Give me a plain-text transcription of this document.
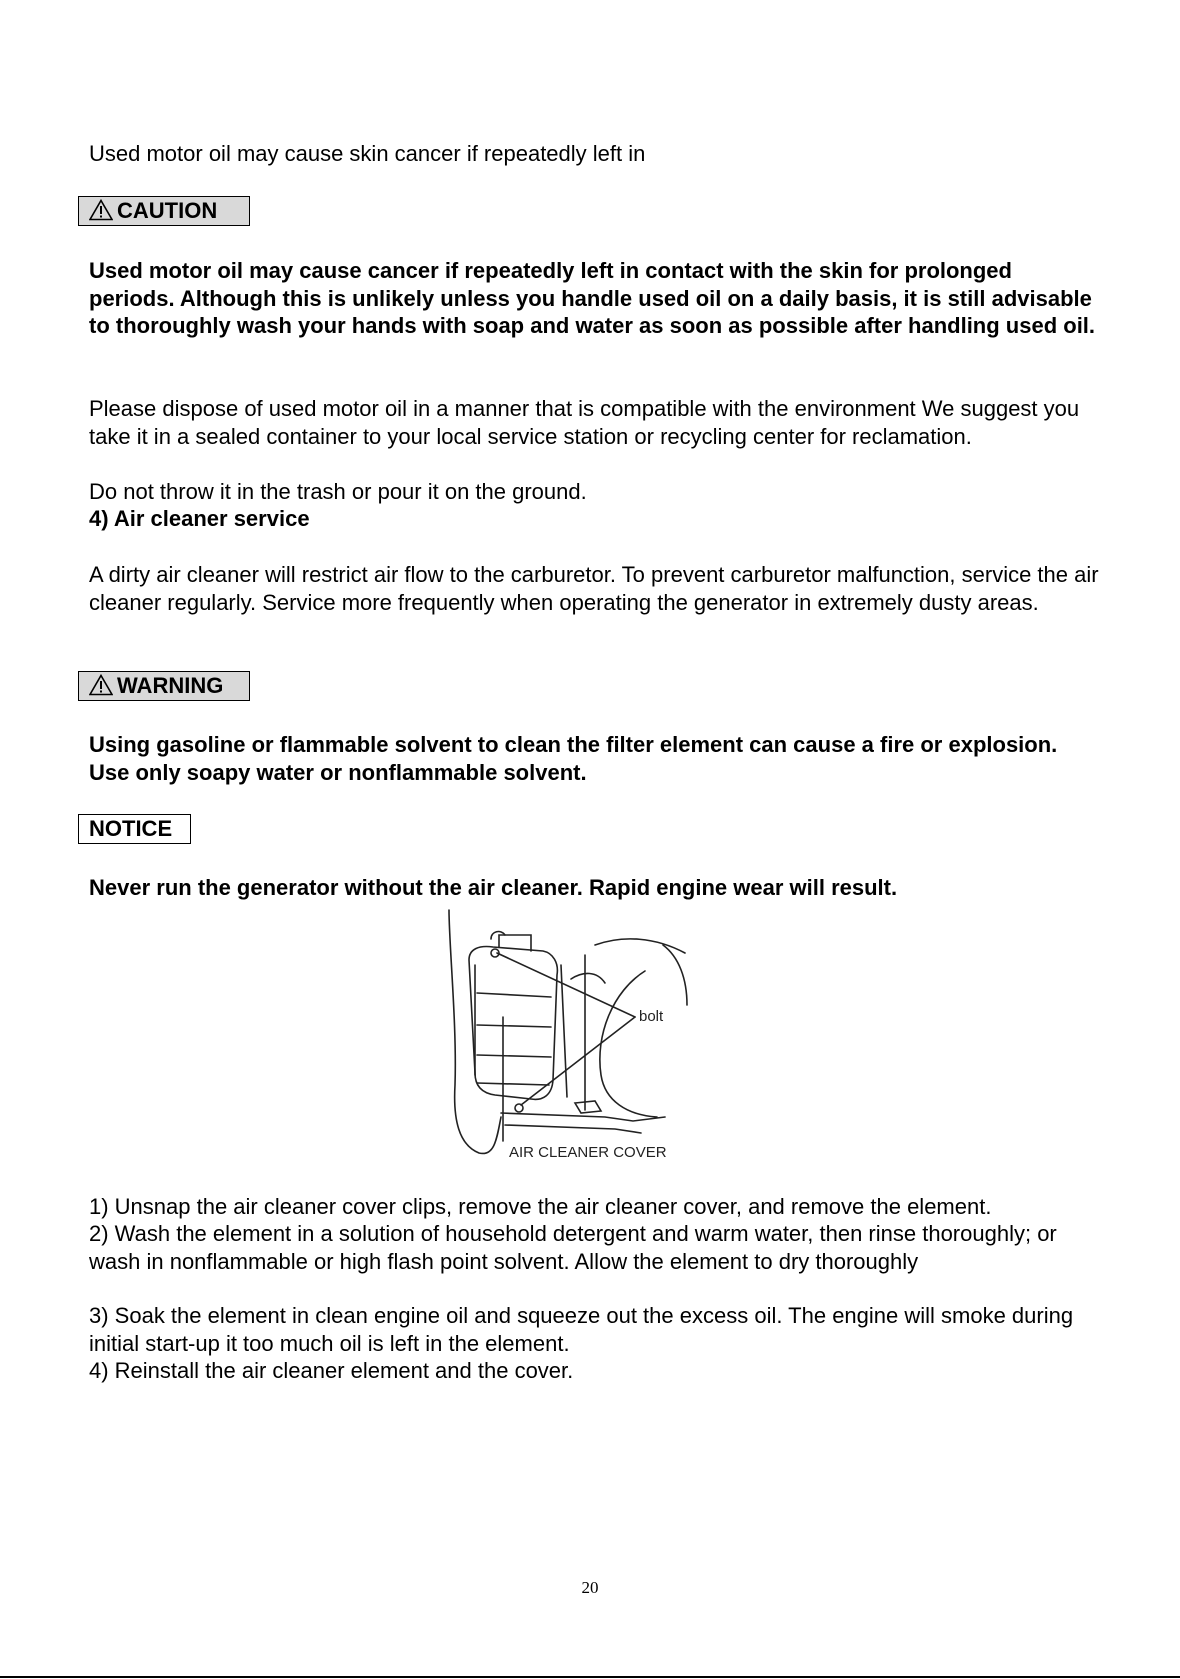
Used motor oil may cause skin cancer if repeatedly left in
CAUTION
Used motor oil may cause cancer if repeatedly left in contact with the skin for prolonged periods. Although this is unlikely unless you handle used oil on a daily basis, it is still advisable to thoroughly wash your hands with soap and water as soon as possible after handling used oil.
Please dispose of used motor oil in a manner that is compatible with the environment We suggest you take it in a sealed container to your local service station or recycling center for reclamation.
Do not throw it in the trash or pour it on the ground.
4) Air cleaner service
A dirty air cleaner will restrict air flow to the carburetor. To prevent carburetor malfunction, service the air cleaner regularly. Service more frequently when operating the generator in extremely dusty areas.
WARNING
Using gasoline or flammable solvent to clean the filter element can cause a fire or explosion. Use only soapy water or nonflammable solvent.
NOTICE
Never run the generator without the air cleaner. Rapid engine wear will result.
bolt
AIR CLEANER COVER
1) Unsnap the air cleaner cover clips, remove the air cleaner cover, and remove the element.
2) Wash the element in a solution of household detergent and warm water, then rinse thoroughly; or wash in nonflammable or high flash point solvent. Allow the element to dry thoroughly
3) Soak the element in clean engine oil and squeeze out the excess oil. The engine will smoke during initial start-up it too much oil is left in the element.
4) Reinstall the air cleaner element and the cover.
20
